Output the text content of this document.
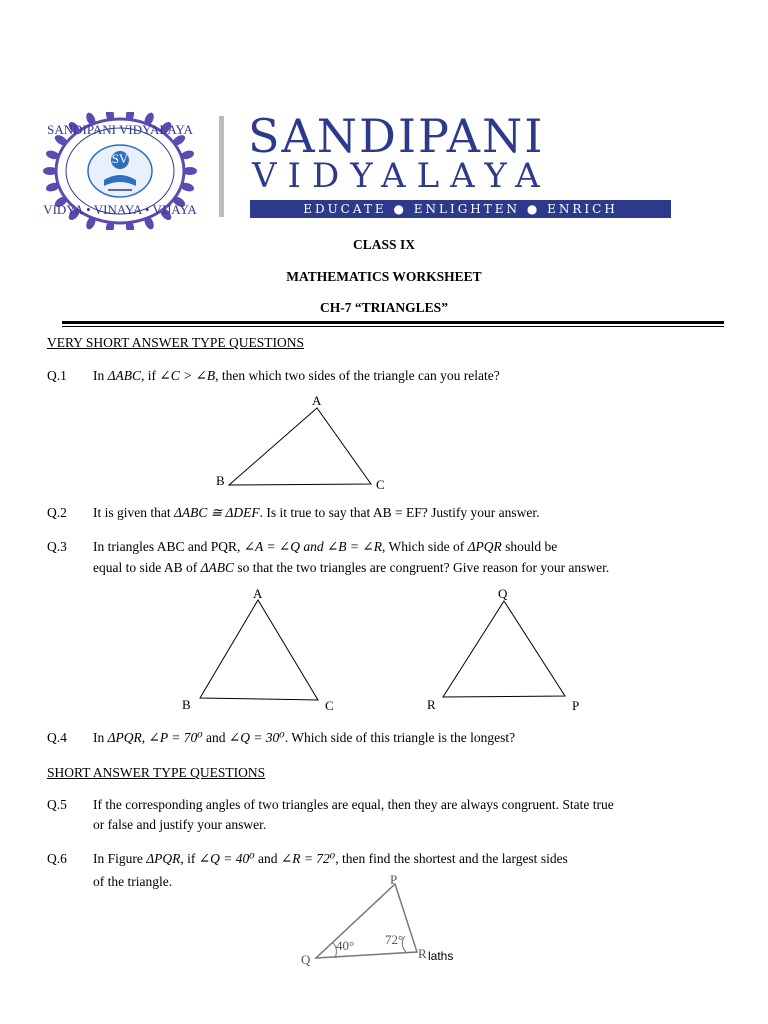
SV
SANDIPANI VIDYALAYA
VIDYA • VINAYA • VIJAYA
SANDIPANI
VIDYALAYA
EDUCATE ● ENLIGHTEN ● ENRICH
CLASS IX
MATHEMATICS WORKSHEET
CH-7 “TRIANGLES”
VERY SHORT ANSWER TYPE QUESTIONS
Q.1 In ΔABC, if ∠C > ∠B, then which two sides of the triangle can you relate?
A
B	C
Q.2 It is given that ΔABC ≅ ΔDEF. Is it true to say that AB = EF? Justify your answer.
Q.3 In triangles ABC and PQR, ∠A = ∠Q and ∠B = ∠R, Which side of ΔPQR should be
equal to side AB of ΔABC so that the two triangles are congruent? Give reason for your answer.
A
B	C
Q
R	P
Q.4 In ΔPQR, ∠P = 70⁰ and ∠Q = 30⁰. Which side of this triangle is the longest?
SHORT ANSWER TYPE QUESTIONS
Q.5 If the corresponding angles of two triangles are equal, then they are always congruent. State true
or false and justify your answer.
Q.6 In Figure ΔPQR, if ∠Q = 40⁰ and ∠R = 72⁰, then find the shortest and the largest sides
of the triangle.	P
Q	R
40° 72°
laths
